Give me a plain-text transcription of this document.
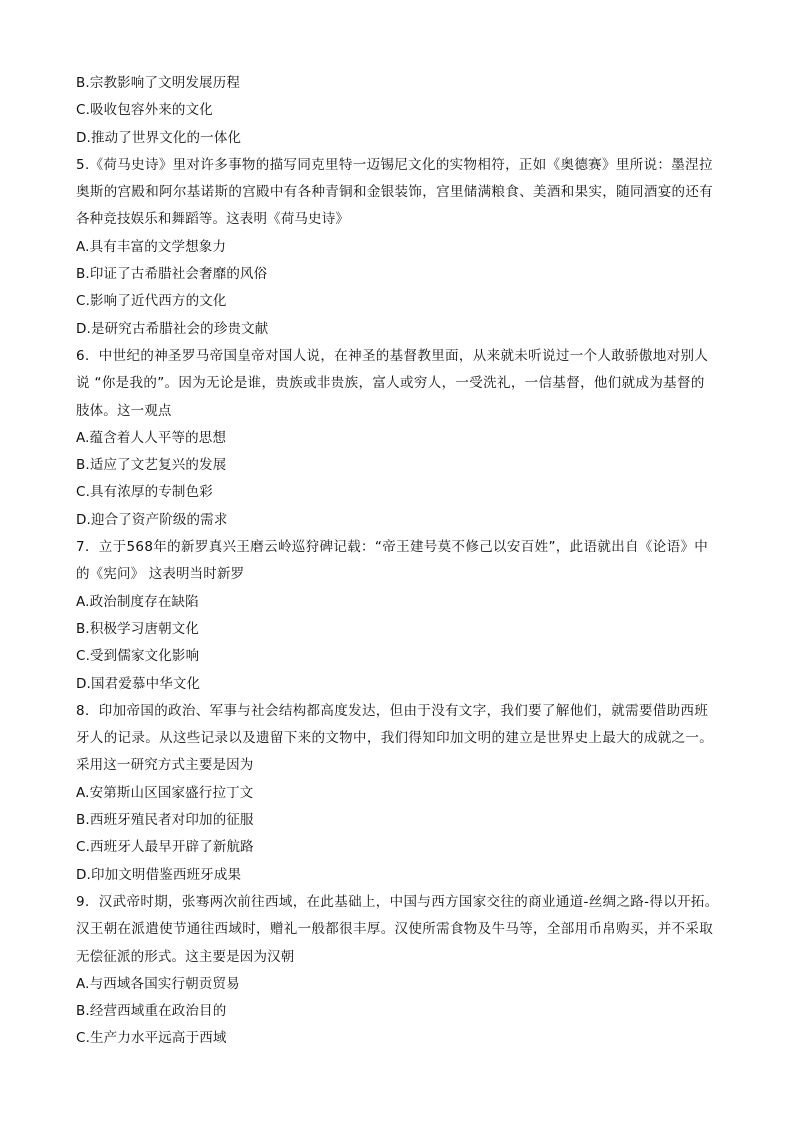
B.宗教影响了文明发展历程
C.吸收包容外来的文化
D.推动了世界文化的一体化
5.《荷马史诗》里对许多事物的描写同克里特一迈锡尼文化的实物相符，正如《奥德赛》里所说：墨涅拉
奥斯的宫殿和阿尔基诺斯的宫殿中有各种青铜和金银装饰，宫里储满粮食、美酒和果实，随同酒宴的还有
各种竞技娱乐和舞蹈等。这表明《荷马史诗》
A.具有丰富的文学想象力
B.印证了古希腊社会奢靡的风俗
C.影响了近代西方的文化
D.是研究古希腊社会的珍贵文献
6．中世纪的神圣罗马帝国皇帝对国人说，在神圣的基督教里面，从来就未听说过一个人敢骄傲地对别人
说 “你是我的”。因为无论是谁，贵族或非贵族，富人或穷人，一受洗礼，一信基督，他们就成为基督的
肢体。这一观点
A.蕴含着人人平等的思想
B.适应了文艺复兴的发展
C.具有浓厚的专制色彩
D.迎合了资产阶级的需求
7．立于568年的新罗真兴王磨云岭巡狩碑记载：“帝王建号莫不修己以安百姓”，此语就出自《论语》中
的《宪问》 这表明当时新罗
A.政治制度存在缺陷
B.积极学习唐朝文化
C.受到儒家文化影响
D.国君爱慕中华文化
8．印加帝国的政治、军事与社会结构都高度发达，但由于没有文字，我们要了解他们，就需要借助西班
牙人的记录。从这些记录以及遗留下来的文物中，我们得知印加文明的建立是世界史上最大的成就之一。
采用这一研究方式主要是因为
A.安第斯山区国家盛行拉丁文
B.西班牙殖民者对印加的征服
C.西班牙人最早开辟了新航路
D.印加文明借鉴西班牙成果
9．汉武帝时期，张骞两次前往西域，在此基础上，中国与西方国家交往的商业通道-丝绸之路-得以开拓。
汉王朝在派遣使节通往西域时，赠礼一般都很丰厚。汉使所需食物及牛马等，全部用币帛购买，并不采取
无偿征派的形式。这主要是因为汉朝
A.与西域各国实行朝贡贸易
B.经营西域重在政治目的
C.生产力水平远高于西域
